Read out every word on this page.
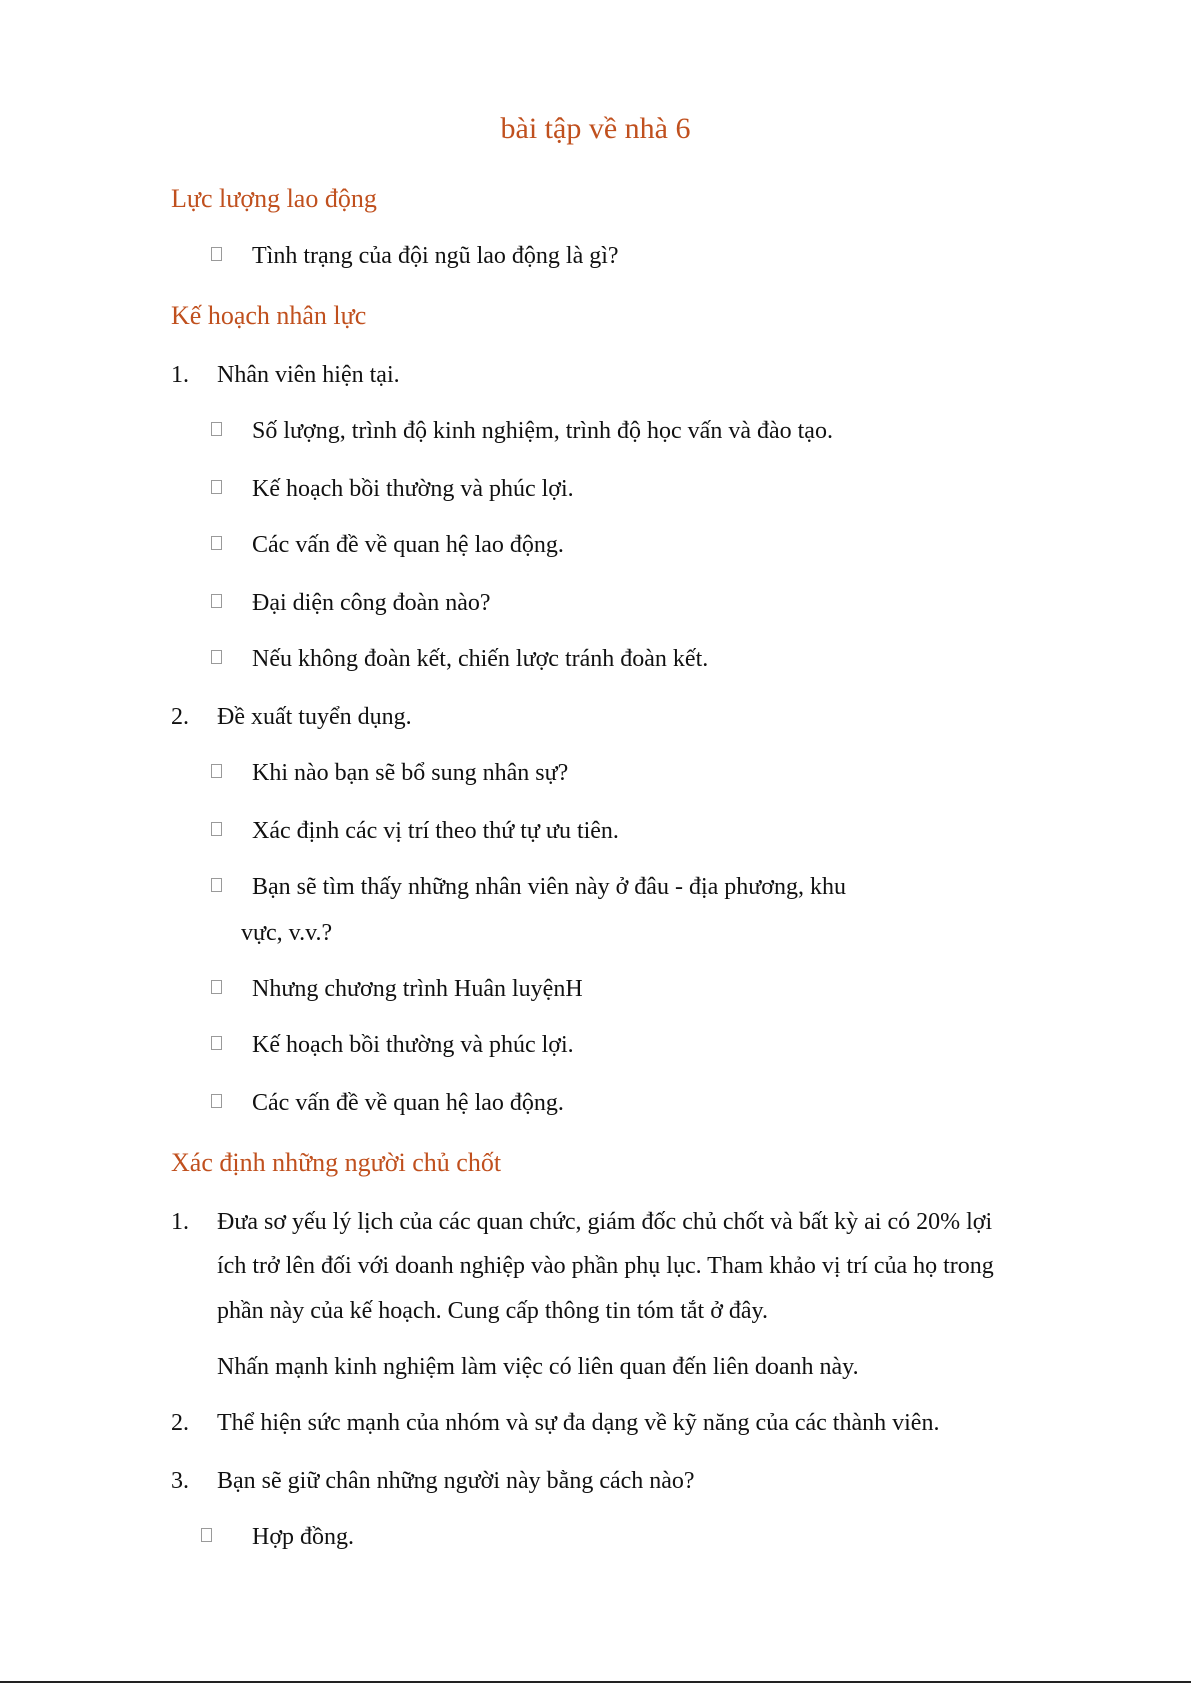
bài tập về nhà 6
Lực lượng lao động
Tình trạng của đội ngũ lao động là gì?
Kế hoạch nhân lực
1. Nhân viên hiện tại.
Số lượng, trình độ kinh nghiệm, trình độ học vấn và đào tạo.
Kế hoạch bồi thường và phúc lợi.
Các vấn đề về quan hệ lao động.
Đại diện công đoàn nào?
Nếu không đoàn kết, chiến lược tránh đoàn kết.
2. Đề xuất tuyển dụng.
Khi nào bạn sẽ bổ sung nhân sự?
Xác định các vị trí theo thứ tự ưu tiên.
Bạn sẽ tìm thấy những nhân viên này ở đâu - địa phương, khu
vực, v.v.?
Nhưng chương trình Huân luyệnH
Kế hoạch bồi thường và phúc lợi.
Các vấn đề về quan hệ lao động.
Xác định những người chủ chốt
1. Đưa sơ yếu lý lịch của các quan chức, giám đốc chủ chốt và bất kỳ ai có 20% lợi
ích trở lên đối với doanh nghiệp vào phần phụ lục. Tham khảo vị trí của họ trong
phần này của kế hoạch. Cung cấp thông tin tóm tắt ở đây.
Nhấn mạnh kinh nghiệm làm việc có liên quan đến liên doanh này.
2. Thể hiện sức mạnh của nhóm và sự đa dạng về kỹ năng của các thành viên.
3. Bạn sẽ giữ chân những người này bằng cách nào?
Hợp đồng.
